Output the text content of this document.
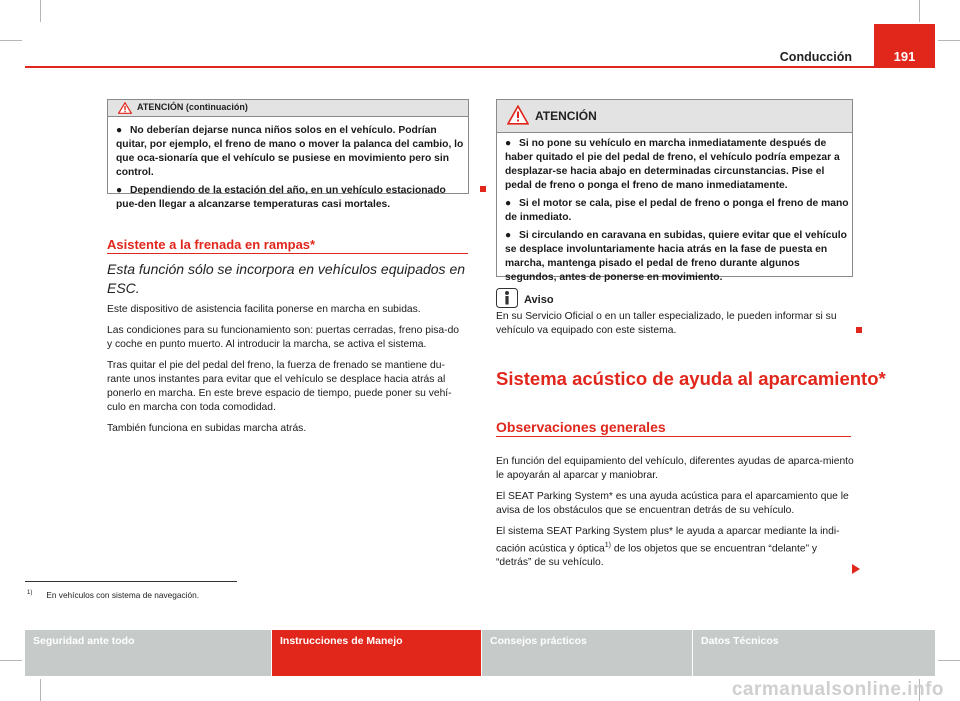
Conducción	191
ATENCIÓN (continuación)

● No deberían dejarse nunca niños solos en el vehículo. Podrían quitar, por ejemplo, el freno de mano o mover la palanca del cambio, lo que oca-sionaría que el vehículo se pusiese en movimiento pero sin control.

● Dependiendo de la estación del año, en un vehículo estacionado pue-den llegar a alcanzarse temperaturas casi mortales.

Asistente a la frenada en rampas*
Esta función sólo se incorpora en vehículos equipados en ESC.

Este dispositivo de asistencia facilita ponerse en marcha en subidas.

Las condiciones para su funcionamiento son: puertas cerradas, freno pisa-do y coche en punto muerto. Al introducir la marcha, se activa el sistema.

Tras quitar el pie del pedal del freno, la fuerza de frenado se mantiene du-rante unos instantes para evitar que el vehículo se desplace hacia atrás al ponerlo en marcha. En este breve espacio de tiempo, puede poner su vehí-culo en marcha con toda comodidad.

También funciona en subidas marcha atrás.

ATENCIÓN

● Si no pone su vehículo en marcha inmediatamente después de haber quitado el pie del pedal de freno, el vehículo podría empezar a desplazar-se hacia abajo en determinadas circunstancias. Pise el pedal de freno o ponga el freno de mano inmediatamente.

● Si el motor se cala, pise el pedal de freno o ponga el freno de mano de inmediato.

● Si circulando en caravana en subidas, quiere evitar que el vehículo se desplace involuntariamente hacia atrás en la fase de puesta en marcha, mantenga pisado el pedal de freno durante algunos segundos, antes de ponerse en movimiento.

Aviso
En su Servicio Oficial o en un taller especializado, le pueden informar si su vehículo va equipado con este sistema.
Sistema acústico de ayuda al aparcamiento*
Observaciones generales

En función del equipamiento del vehículo, diferentes ayudas de aparca-miento le apoyarán al aparcar y maniobrar.

El SEAT Parking System* es una ayuda acústica para el aparcamiento que le avisa de los obstáculos que se encuentran detrás de su vehículo.

El sistema SEAT Parking System plus* le ayuda a aparcar mediante la indi-cación acústica y óptica$^{1)}$ de los objetos que se encuentran “delante” y “detrás” de su vehículo.

$^{1)}$ En vehículos con sistema de navegación.
Seguridad ante todo	Instrucciones de Manejo	Consejos prácticos	Datos Técnicos
carmanualsonline.info
